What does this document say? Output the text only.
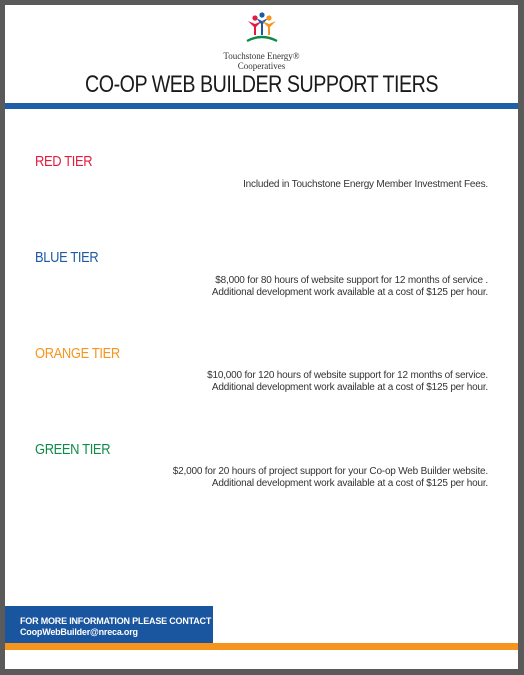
Touchstone Energy®
Cooperatives
CO-OP WEB BUILDER SUPPORT TIERS
RED TIER
Included in Touchstone Energy Member Investment Fees.
BLUE TIER
$8,000 for 80 hours of website support for 12 months of service .
Additional development work available at a cost of $125 per hour.
ORANGE TIER
$10,000 for 120 hours of website support for 12 months of service.
Additional development work available at a cost of $125 per hour.
GREEN TIER
$2,000 for 20 hours of project support for your Co-op Web Builder website.
Additional development work available at a cost of $125 per hour.
FOR MORE INFORMATION PLEASE CONTACT US:
CoopWebBuilder@nreca.org
